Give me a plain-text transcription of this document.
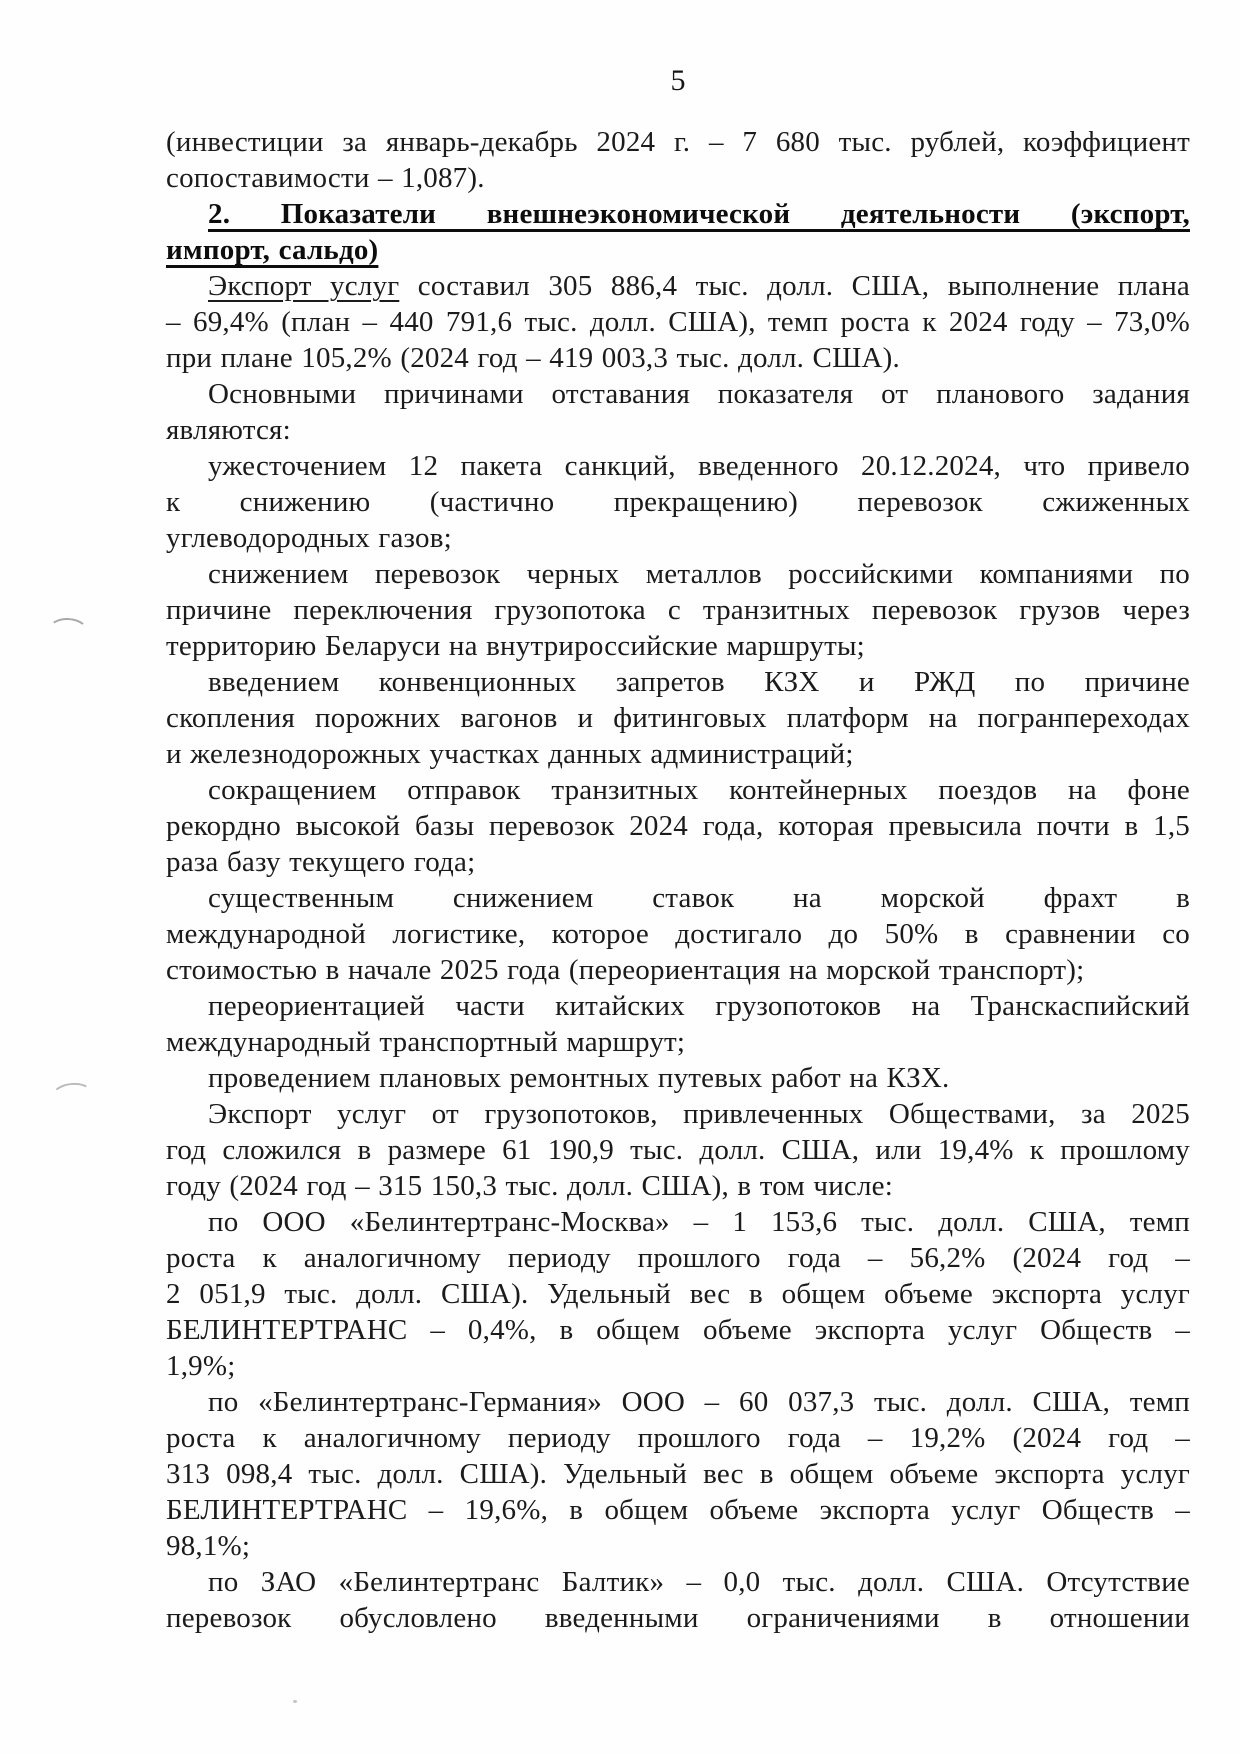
5

(инвестиции за январь-декабрь 2024 г. – 7 680 тыс. рублей, коэффициент
сопоставимости – 1,087).

2. Показатели внешнеэкономической деятельности (экспорт,
импорт, сальдо)

Экспорт услуг составил 305 886,4 тыс. долл. США, выполнение плана
– 69,4% (план – 440 791,6 тыс. долл. США), темп роста к 2024 году – 73,0%
при плане 105,2% (2024 год – 419 003,3 тыс. долл. США).

Основными причинами отставания показателя от планового задания
являются:

ужесточением 12 пакета санкций, введенного 20.12.2024, что привело
к снижению (частично прекращению) перевозок сжиженных
углеводородных газов;

снижением перевозок черных металлов российскими компаниями по
причине переключения грузопотока с транзитных перевозок грузов через
территорию Беларуси на внутрироссийские маршруты;

введением конвенционных запретов КЗХ и РЖД по причине
скопления порожних вагонов и фитинговых платформ на погранпереходах
и железнодорожных участках данных администраций;

сокращением отправок транзитных контейнерных поездов на фоне
рекордно высокой базы перевозок 2024 года, которая превысила почти в 1,5
раза базу текущего года;

существенным снижением ставок на морской фрахт в
международной логистике, которое достигало до 50% в сравнении со
стоимостью в начале 2025 года (переориентация на морской транспорт);

переориентацией части китайских грузопотоков на Транскаспийский
международный транспортный маршрут;

проведением плановых ремонтных путевых работ на КЗХ.

Экспорт услуг от грузопотоков, привлеченных Обществами, за 2025
год сложился в размере 61 190,9 тыс. долл. США, или 19,4% к прошлому
году (2024 год – 315 150,3 тыс. долл. США), в том числе:

по ООО «Белинтертранс-Москва» – 1 153,6 тыс. долл. США, темп
роста к аналогичному периоду прошлого года – 56,2% (2024 год –
2 051,9 тыс. долл. США). Удельный вес в общем объеме экспорта услуг
БЕЛИНТЕРТРАНС – 0,4%, в общем объеме экспорта услуг Обществ –
1,9%;

по «Белинтертранс-Германия» ООО – 60 037,3 тыс. долл. США, темп
роста к аналогичному периоду прошлого года – 19,2% (2024 год –
313 098,4 тыс. долл. США). Удельный вес в общем объеме экспорта услуг
БЕЛИНТЕРТРАНС – 19,6%, в общем объеме экспорта услуг Обществ –
98,1%;

по ЗАО «Белинтертранс Балтик» – 0,0 тыс. долл. США. Отсутствие
перевозок обусловлено введенными ограничениями в отношении
